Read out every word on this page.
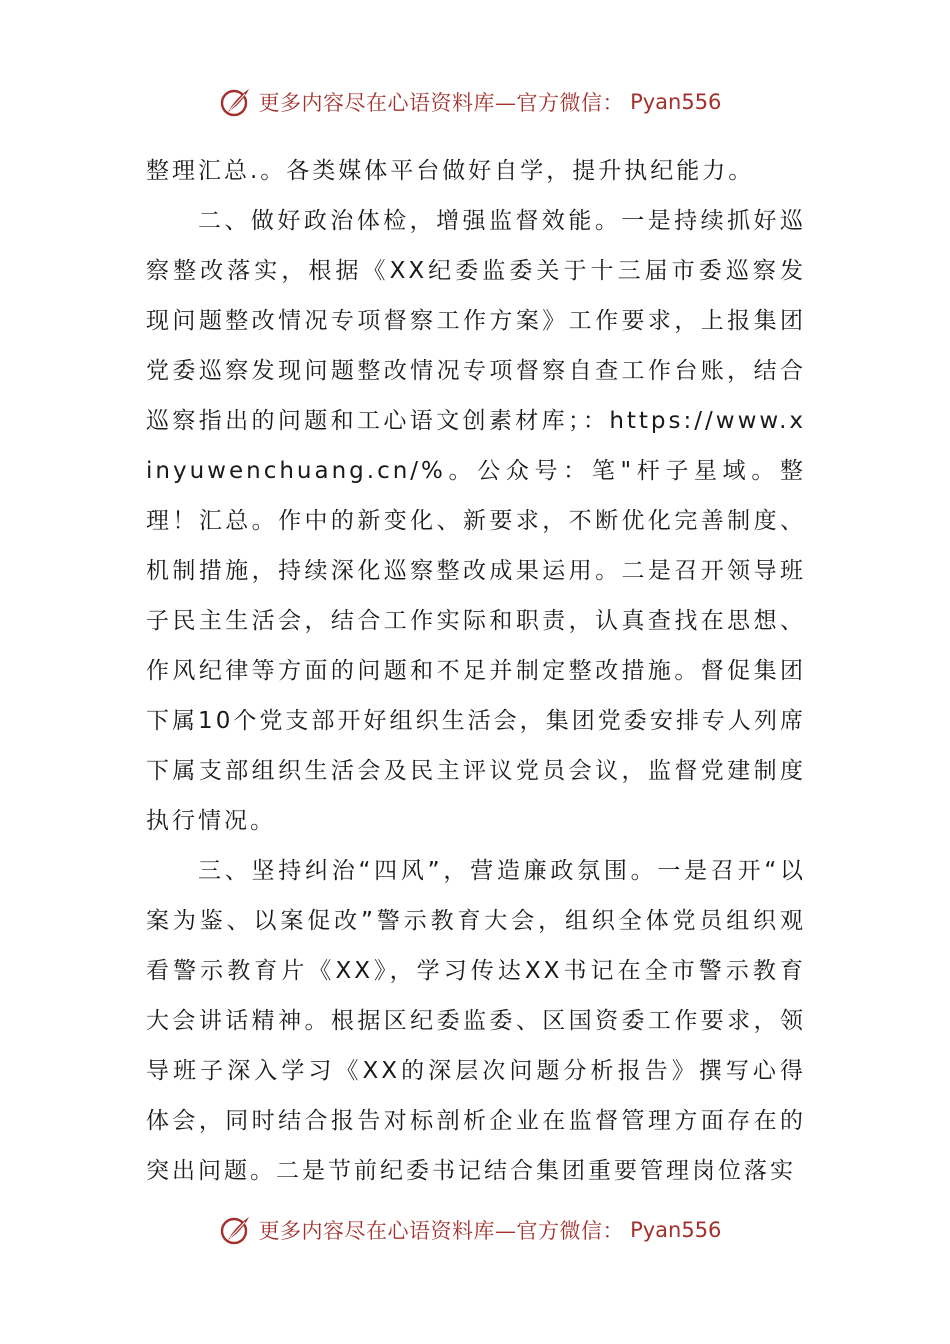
更多内容尽在心语资料库—官方微信： Pyan556

整理汇总.。各类媒体平台做好自学，提升执纪能力。

二、做好政治体检，增强监督效能。一是持续抓好巡察整改落实，根据《XX纪委监委关于十三届市委巡察发现问题整改情况专项督察工作方案》工作要求，上报集团党委巡察发现问题整改情况专项督察自查工作台账，结合巡察指出的问题和工心语文创素材库；：https://www.xinyuwenchuang.cn/%。公众号：笔"杆子星域。整理！汇总。作中的新变化、新要求，不断优化完善制度、机制措施，持续深化巡察整改成果运用。二是召开领导班子民主生活会，结合工作实际和职责，认真查找在思想、作风纪律等方面的问题和不足并制定整改措施。督促集团下属10个党支部开好组织生活会，集团党委安排专人列席下属支部组织生活会及民主评议党员会议，监督党建制度执行情况。

三、坚持纠治“四风”，营造廉政氛围。一是召开“以案为鉴、以案促改”警示教育大会，组织全体党员组织观看警示教育片《XX》，学习传达XX书记在全市警示教育大会讲话精神。根据区纪委监委、区国资委工作要求，领导班子深入学习《XX的深层次问题分析报告》撰写心得体会，同时结合报告对标剖析企业在监督管理方面存在的突出问题。二是节前纪委书记结合集团重要管理岗位落实

更多内容尽在心语资料库—官方微信： Pyan556
